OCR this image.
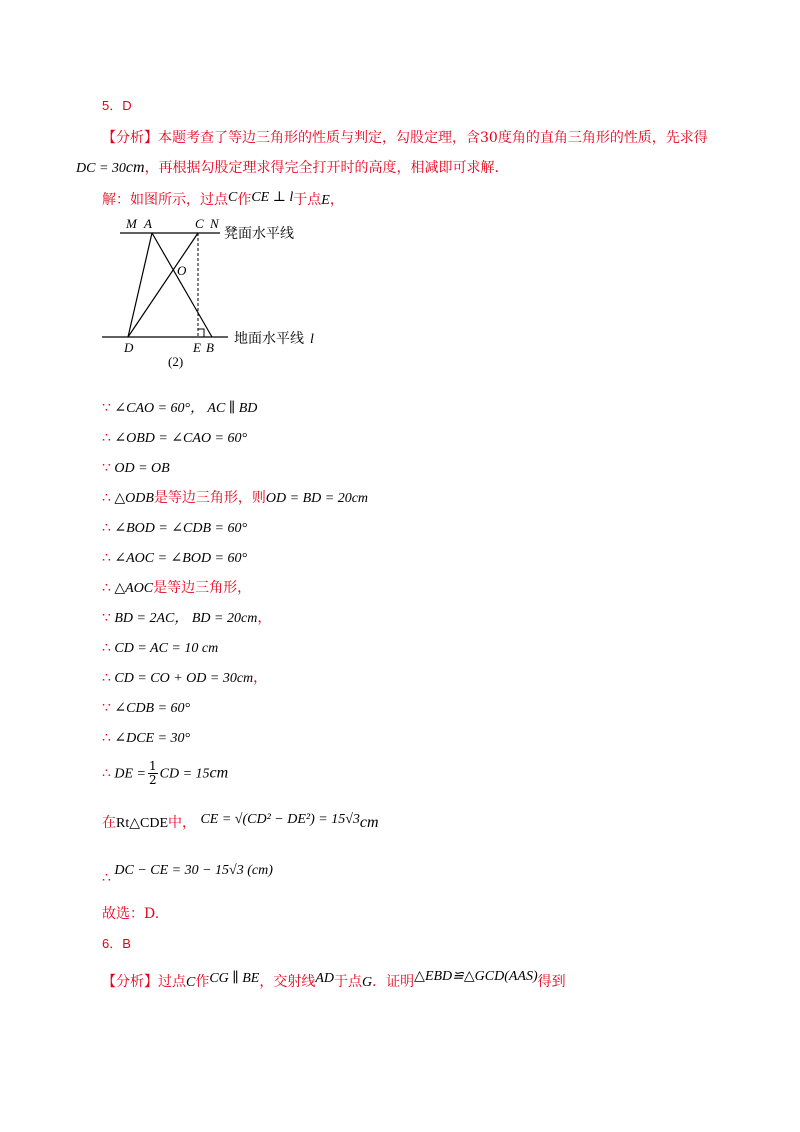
5．D
【分析】本题考查了等边三角形的性质与判定，勾股定理，含30度角的直角三角形的性质，先求得
DC = 30cm，再根据勾股定理求得完全打开时的高度，相减即可求解.
解：如图所示，过点C作CE ⊥ l于点E，
M A	C N
凳面水平线
O
D	E B
地面水平线 l
(2)
∵ ∠CAO = 60°， AC ∥ BD
∴ ∠OBD = ∠CAO = 60°
∵ OD = OB
∴ △ODB是等边三角形，则OD = BD = 20cm
∴ ∠BOD = ∠CDB = 60°
∴ ∠AOC = ∠BOD = 60°
∴ △AOC是等边三角形，
∵ BD = 2AC， BD = 20cm，
∴ CD = AC = 10 cm
∴ CD = CO + OD = 30cm，
∵ ∠CDB = 60°
∴ ∠DCE = 30°
∴ DE = $\frac{1}{2}$ CD = 15cm
在Rt△CDE中， CE = √(CD² − DE²) = 15√3cm
∴ DC − CE = 30 − 15√3 (cm)
故选：D.
6．B
【分析】过点C作CG ∥ BE，交射线AD于点G．证明△EBD≌△GCD(AAS)得到
